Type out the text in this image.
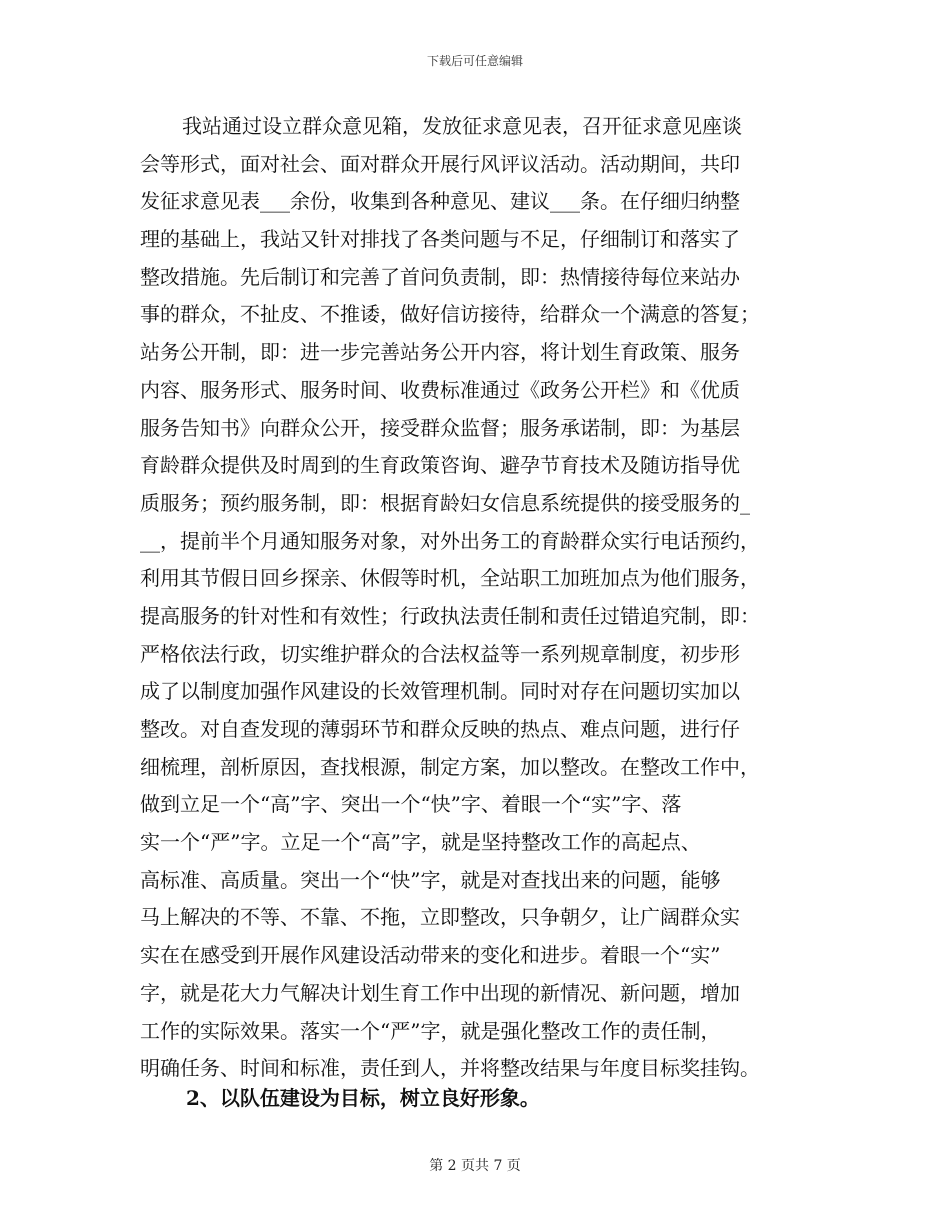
下载后可任意编辑
我站通过设立群众意见箱，发放征求意见表，召开征求意见座谈
会等形式，面对社会、面对群众开展行风评议活动。活动期间，共印
发征求意见表___余份，收集到各种意见、建议___条。在仔细归纳整
理的基础上，我站又针对排找了各类问题与不足，仔细制订和落实了
整改措施。先后制订和完善了首问负责制，即：热情接待每位来站办
事的群众，不扯皮、不推诿，做好信访接待，给群众一个满意的答复；
站务公开制，即：进一步完善站务公开内容，将计划生育政策、服务
内容、服务形式、服务时间、收费标准通过《政务公开栏》和《优质
服务告知书》向群众公开，接受群众监督；服务承诺制，即：为基层
育龄群众提供及时周到的生育政策咨询、避孕节育技术及随访指导优
质服务；预约服务制，即：根据育龄妇女信息系统提供的接受服务的_
__，提前半个月通知服务对象，对外出务工的育龄群众实行电话预约，
利用其节假日回乡探亲、休假等时机，全站职工加班加点为他们服务，
提高服务的针对性和有效性；行政执法责任制和责任过错追究制，即：
严格依法行政，切实维护群众的合法权益等一系列规章制度，初步形
成了以制度加强作风建设的长效管理机制。同时对存在问题切实加以
整改。对自查发现的薄弱环节和群众反映的热点、难点问题，进行仔
细梳理，剖析原因，查找根源，制定方案，加以整改。在整改工作中，
做到立足一个“高”字、突出一个“快”字、着眼一个“实”字、落
实一个“严”字。立足一个“高”字，就是坚持整改工作的高起点、
高标准、高质量。突出一个“快”字，就是对查找出来的问题，能够
马上解决的不等、不靠、不拖，立即整改，只争朝夕，让广阔群众实
实在在感受到开展作风建设活动带来的变化和进步。着眼一个“实”
字，就是花大力气解决计划生育工作中出现的新情况、新问题，增加
工作的实际效果。落实一个“严”字，就是强化整改工作的责任制，
明确任务、时间和标准，责任到人，并将整改结果与年度目标奖挂钩。
2、以队伍建设为目标，树立良好形象。
第 2 页共 7 页
